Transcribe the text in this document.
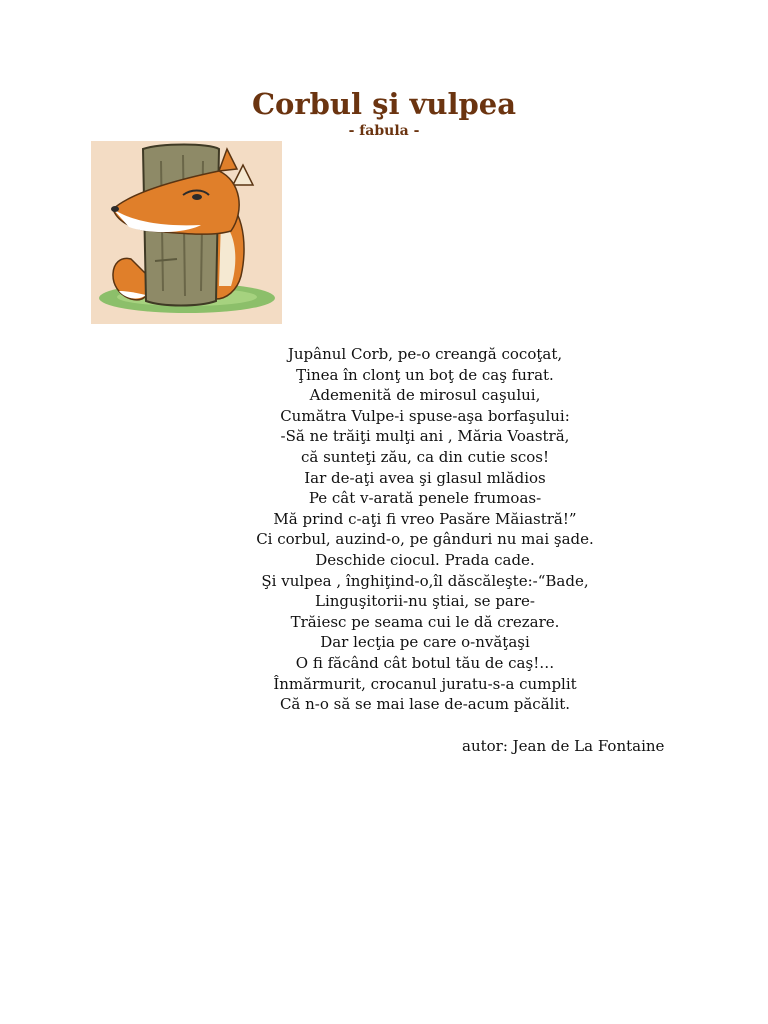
Corbul şi vulpea
- fabula -
Jupânul Corb, pe-o creangă cocoţat,
Ţinea în clonţ un boţ de caş furat.
Ademenită de mirosul caşului,
Cumătra Vulpe-i spuse-aşa borfaşului:
-Să ne trăiţi mulţi ani , Măria Voastră,
că sunteţi zău, ca din cutie scos!
Iar de-aţi avea şi glasul mlădios
Pe cât v-arată penele frumoas-
Mă prind c-aţi fi vreo Pasăre Măiastră!”
Ci corbul, auzind-o, pe gânduri nu mai şade.
Deschide ciocul. Prada cade.
Şi vulpea , înghiţind-o,îl dăscăleşte:-“Bade,
Linguşitorii-nu ştiai, se pare-
Trăiesc pe seama cui le dă crezare.
Dar lecţia pe care o-nvăţaşi
O fi făcând cât botul tău de caş!…
Înmărmurit, crocanul juratu-s-a cumplit
Că n-o să se mai lase de-acum păcălit.
autor: Jean de La Fontaine
